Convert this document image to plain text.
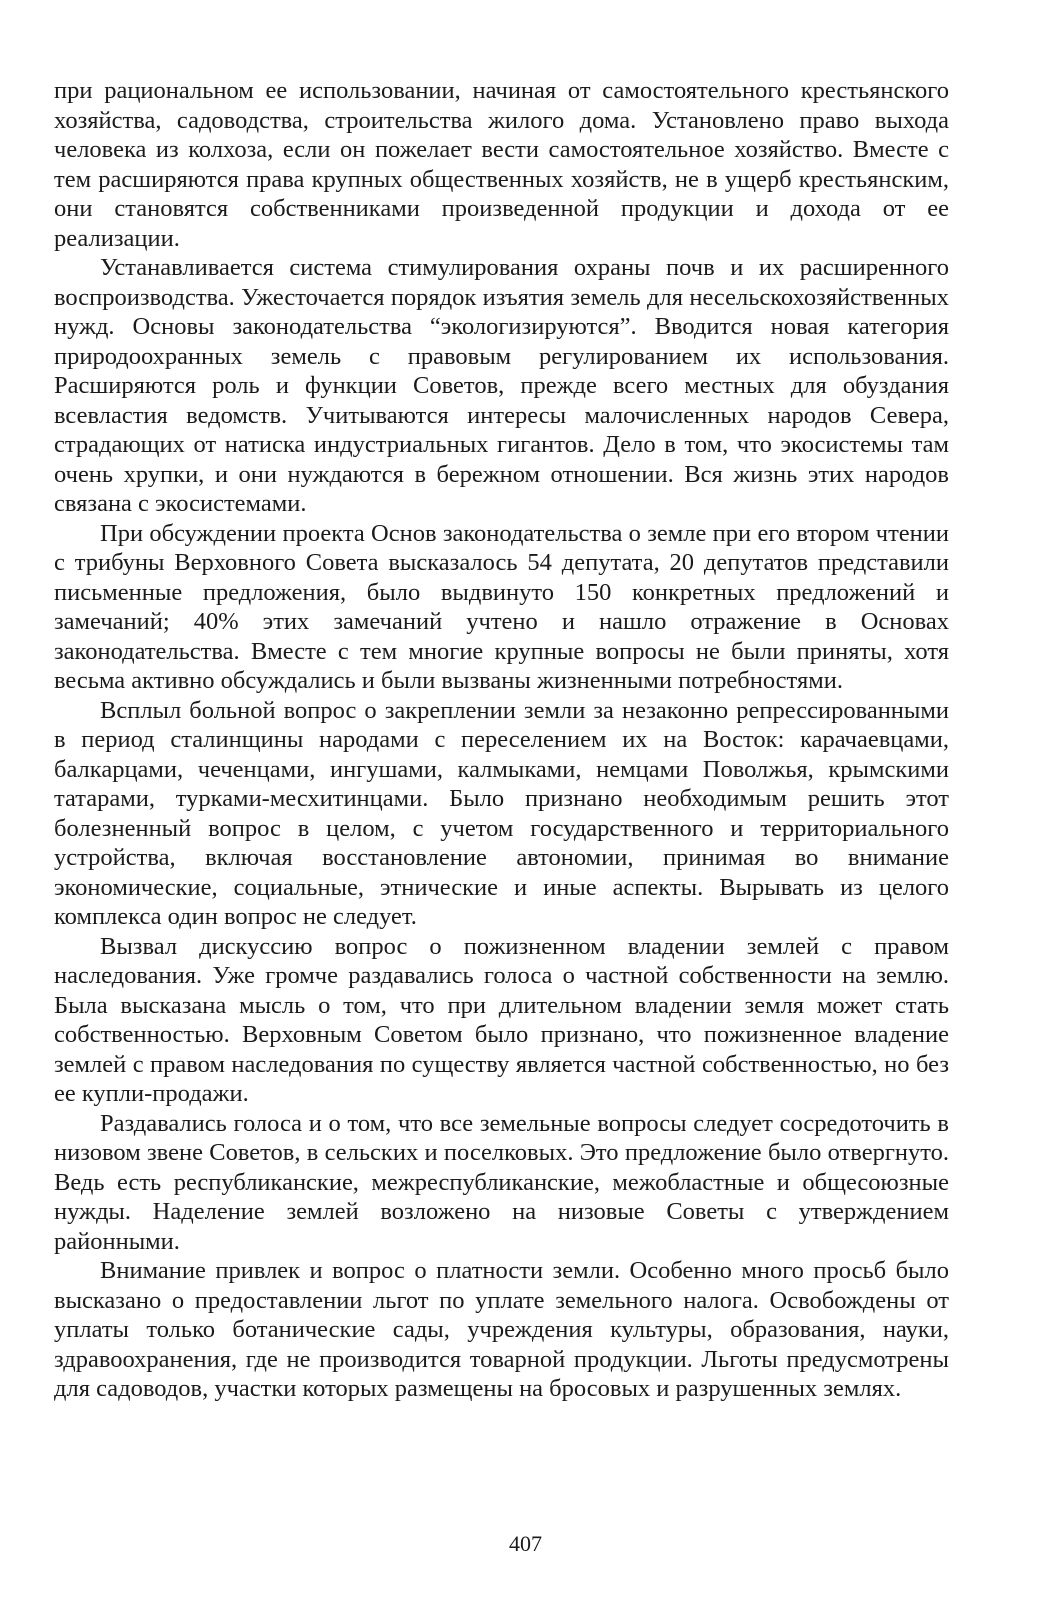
при рациональном ее использовании, начиная от самостоятельного крестьянского хозяйства, садоводства, строительства жилого дома. Установлено право выхода человека из колхоза, если он пожелает вести самостоятельное хозяйство. Вместе с тем расширяются права крупных общественных хозяйств, не в ущерб крестьянским, они становятся собственниками произведенной продукции и дохода от ее реализации.

Устанавливается система стимулирования охраны почв и их расширенного воспроизводства. Ужесточается порядок изъятия земель для несельскохозяйственных нужд. Основы законодательства “экологизируются”. Вводится новая категория природоохранных земель с правовым регулированием их использования. Расширяются роль и функции Советов, прежде всего местных для обуздания всевластия ведомств. Учитываются интересы малочисленных народов Севера, страдающих от натиска индустриальных гигантов. Дело в том, что экосистемы там очень хрупки, и они нуждаются в бережном отношении. Вся жизнь этих народов связана с экосистемами.

При обсуждении проекта Основ законодательства о земле при его втором чтении с трибуны Верховного Совета высказалось 54 депутата, 20 депутатов представили письменные предложения, было выдвинуто 150 конкретных предложений и замечаний; 40% этих замечаний учтено и нашло отражение в Основах законодательства. Вместе с тем многие крупные вопросы не были приняты, хотя весьма активно обсуждались и были вызваны жизненными потребностями.

Всплыл больной вопрос о закреплении земли за незаконно репрессированными в период сталинщины народами с переселением их на Восток: карачаевцами, балкарцами, чеченцами, ингушами, калмыками, немцами Поволжья, крымскими татарами, турками-месхитинцами. Было признано необходимым решить этот болезненный вопрос в целом, с учетом государственного и территориального устройства, включая восстановление автономии, принимая во внимание экономические, социальные, этнические и иные аспекты. Вырывать из целого комплекса один вопрос не следует.

Вызвал дискуссию вопрос о пожизненном владении землей с правом наследования. Уже громче раздавались голоса о частной собственности на землю. Была высказана мысль о том, что при длительном владении земля может стать собственностью. Верховным Советом было признано, что пожизненное владение землей с правом наследования по существу является частной собственностью, но без ее купли-продажи.

Раздавались голоса и о том, что все земельные вопросы следует сосредоточить в низовом звене Советов, в сельских и поселковых. Это предложение было отвергнуто. Ведь есть республиканские, межреспубликанские, межобластные и общесоюзные нужды. Наделение землей возложено на низовые Советы с утверждением районными.

Внимание привлек и вопрос о платности земли. Особенно много просьб было высказано о предоставлении льгот по уплате земельного налога. Освобождены от уплаты только ботанические сады, учреждения культуры, образования, науки, здравоохранения, где не производится товарной продукции. Льготы предусмотрены для садоводов, участки которых размещены на бросовых и разрушенных землях.

407
